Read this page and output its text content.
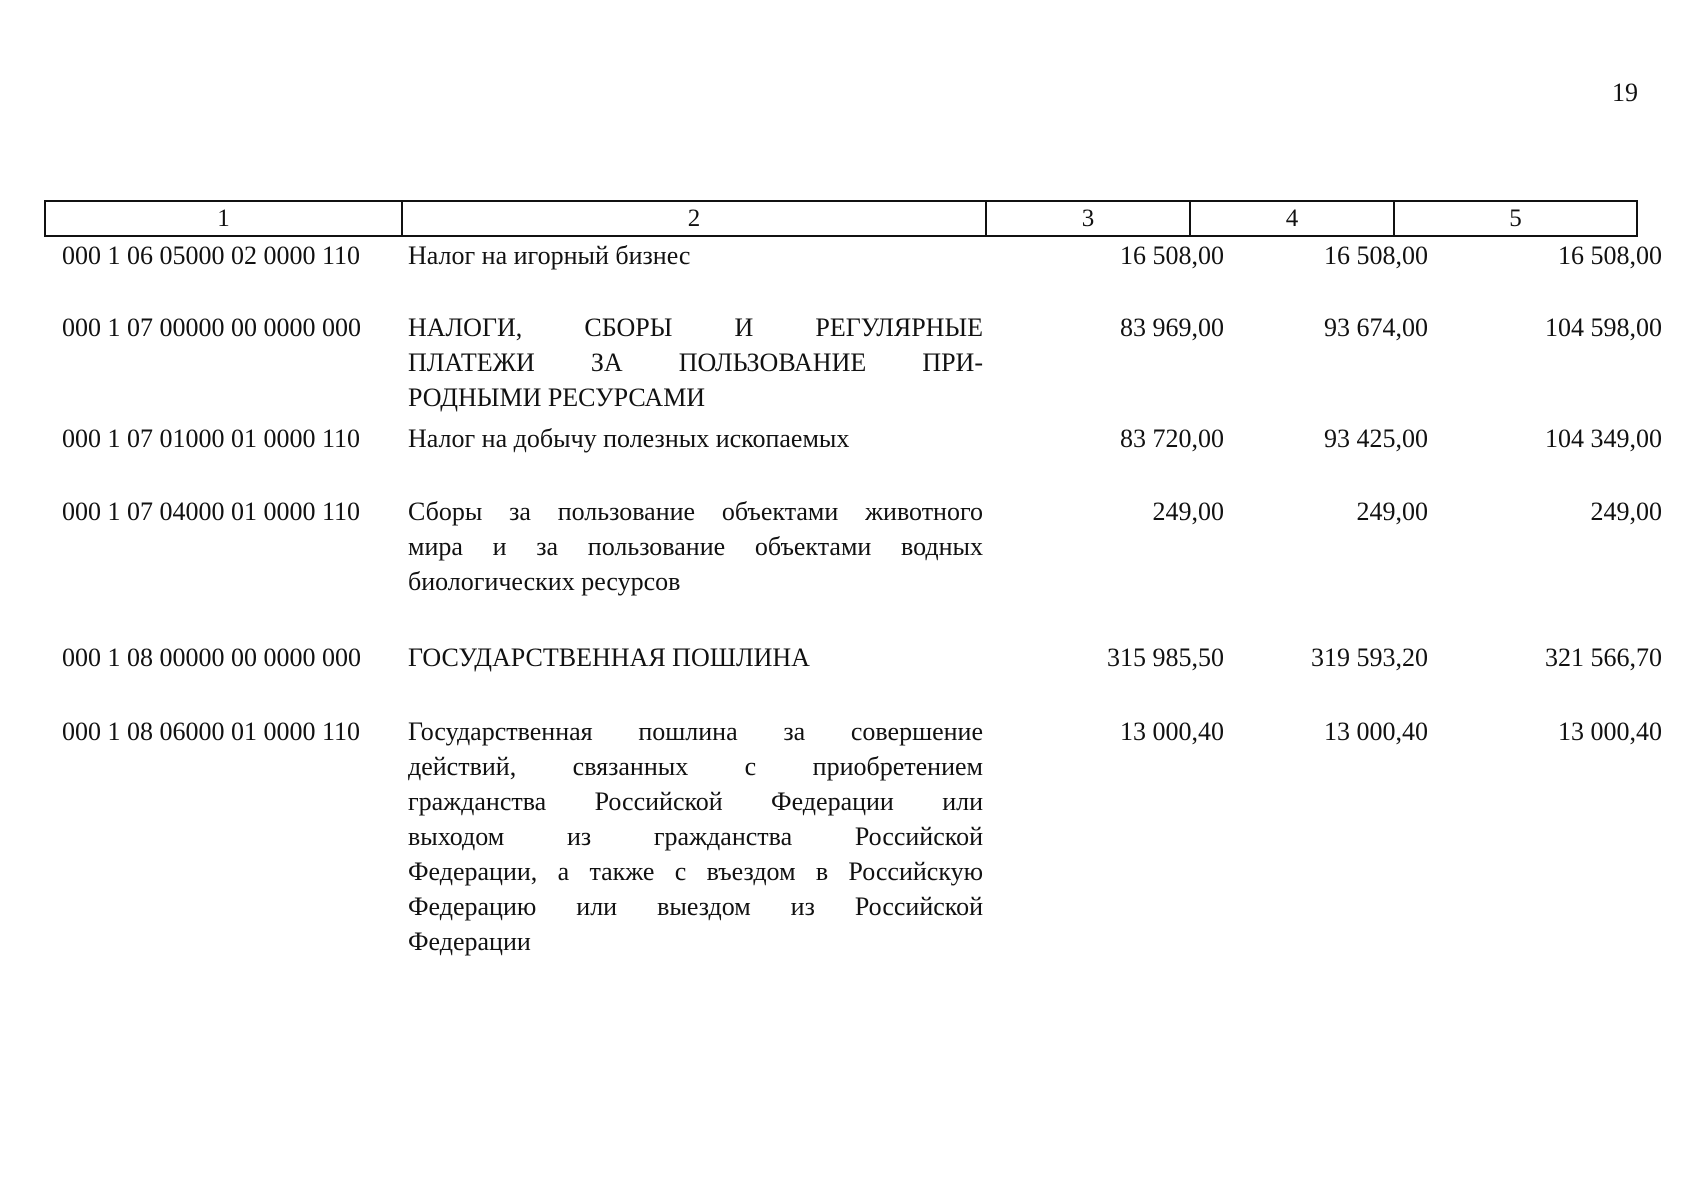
19
1	2	3	4	5
000 1 06 05000 02 0000 110	Налог на игорный бизнес	16 508,00	16 508,00	16 508,00
000 1 07 00000 00 0000 000	НАЛОГИ, СБОРЫ И РЕГУЛЯРНЫЕ
ПЛАТЕЖИ ЗА ПОЛЬЗОВАНИЕ ПРИ-
РОДНЫМИ РЕСУРСАМИ
83 969,00	93 674,00	104 598,00
000 1 07 01000 01 0000 110	Налог на добычу полезных ископаемых	83 720,00	93 425,00	104 349,00
000 1 07 04000 01 0000 110	Сборы за пользование объектами животного
мира и за пользование объектами водных
биологических ресурсов
249,00	249,00	249,00
000 1 08 00000 00 0000 000	ГОСУДАРСТВЕННАЯ ПОШЛИНА	315 985,50	319 593,20	321 566,70
000 1 08 06000 01 0000 110	Государственная пошлина за совершение
действий, связанных с приобретением
гражданства Российской Федерации или
выходом из гражданства Российской
Федерации, а также с въездом в Российскую
Федерацию или выездом из Российской
Федерации
13 000,40	13 000,40	13 000,40
